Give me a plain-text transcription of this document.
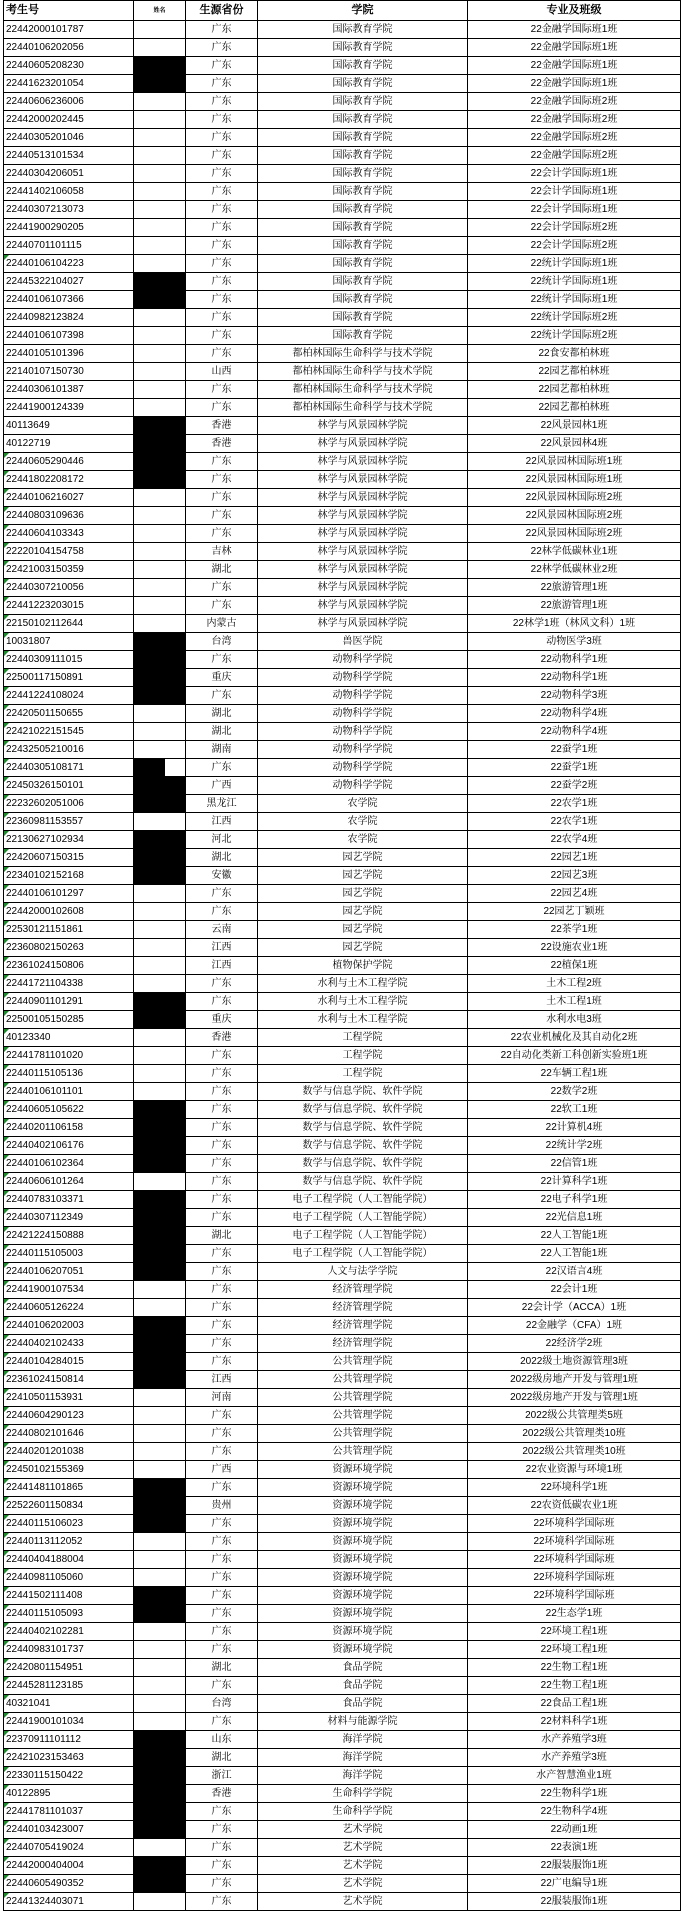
考生号	姓名	生源省份	学院	专业及班级
22442000101787		广东	国际教育学院	22金融学国际班1班
22440106202056		广东	国际教育学院	22金融学国际班1班
22440605208230		广东	国际教育学院	22金融学国际班1班
22441623201054		广东	国际教育学院	22金融学国际班1班
22440606236006		广东	国际教育学院	22金融学国际班2班
22442000202445		广东	国际教育学院	22金融学国际班2班
22440305201046		广东	国际教育学院	22金融学国际班2班
22440513101534		广东	国际教育学院	22金融学国际班2班
22440304206051		广东	国际教育学院	22会计学国际班1班
22441402106058		广东	国际教育学院	22会计学国际班1班
22440307213073		广东	国际教育学院	22会计学国际班1班
22441900290205		广东	国际教育学院	22会计学国际班2班
22440701101115		广东	国际教育学院	22会计学国际班2班
22440106104223		广东	国际教育学院	22统计学国际班1班
22445322104027		广东	国际教育学院	22统计学国际班1班
22440106107366		广东	国际教育学院	22统计学国际班1班
22440982123824		广东	国际教育学院	22统计学国际班2班
22440106107398		广东	国际教育学院	22统计学国际班2班
22440105101396		广东	都柏林国际生命科学与技术学院	22食安都柏林班
22140107150730		山西	都柏林国际生命科学与技术学院	22园艺都柏林班
22440306101387		广东	都柏林国际生命科学与技术学院	22园艺都柏林班
22441900124339		广东	都柏林国际生命科学与技术学院	22园艺都柏林班
40113649		香港	林学与风景园林学院	22风景园林1班
40122719		香港	林学与风景园林学院	22风景园林4班
22440605290446		广东	林学与风景园林学院	22风景园林国际班1班
22441802208172		广东	林学与风景园林学院	22风景园林国际班1班
22440106216027		广东	林学与风景园林学院	22风景园林国际班2班
22440803109636		广东	林学与风景园林学院	22风景园林国际班2班
22440604103343		广东	林学与风景园林学院	22风景园林国际班2班
22220104154758		吉林	林学与风景园林学院	22林学低碳林业1班
22421003150359		湖北	林学与风景园林学院	22林学低碳林业2班
22440307210056		广东	林学与风景园林学院	22旅游管理1班
22441223203015		广东	林学与风景园林学院	22旅游管理1班
22150102112644		内蒙古	林学与风景园林学院	22林学1班（林风文科）1班
10031807		台湾	兽医学院	动物医学3班
22440309111015		广东	动物科学学院	22动物科学1班
22500117150891		重庆	动物科学学院	22动物科学1班
22441224108024		广东	动物科学学院	22动物科学3班
22420501150655		湖北	动物科学学院	22动物科学4班
22421022151545		湖北	动物科学学院	22动物科学4班
22432505210016		湖南	动物科学学院	22蚕学1班
22440305108171		广东	动物科学学院	22蚕学1班
22450326150101		广西	动物科学学院	22蚕学2班
22232602051006		黑龙江	农学院	22农学1班
22360981153557		江西	农学院	22农学1班
22130627102934		河北	农学院	22农学4班
22420607150315		湖北	园艺学院	22园艺1班
22340102152168		安徽	园艺学院	22园艺3班
22440106101297		广东	园艺学院	22园艺4班
22442000102608		广东	园艺学院	22园艺丁颖班
22530121151861		云南	园艺学院	22茶学1班
22360802150263		江西	园艺学院	22设施农业1班
22361024150806		江西	植物保护学院	22植保1班
22441721104338		广东	水利与土木工程学院	土木工程2班
22440901101291		广东	水利与土木工程学院	土木工程1班
22500105150285		重庆	水利与土木工程学院	水利水电3班
40123340		香港	工程学院	22农业机械化及其自动化2班
22441781101020		广东	工程学院	22自动化类新工科创新实验班1班
22440115105136		广东	工程学院	22车辆工程1班
22440106101101		广东	数学与信息学院、软件学院	22数学2班
22440605105622		广东	数学与信息学院、软件学院	22软工1班
22440201106158		广东	数学与信息学院、软件学院	22计算机4班
22440402106176		广东	数学与信息学院、软件学院	22统计学2班
22440106102364		广东	数学与信息学院、软件学院	22信管1班
22440606101264		广东	数学与信息学院、软件学院	22计算科学1班
22440783103371		广东	电子工程学院（人工智能学院）	22电子科学1班
22440307112349		广东	电子工程学院（人工智能学院）	22光信息1班
22421224150888		湖北	电子工程学院（人工智能学院）	22人工智能1班
22440115105003		广东	电子工程学院（人工智能学院）	22人工智能1班
22440106207051		广东	人文与法学学院	22汉语言4班
22441900107534		广东	经济管理学院	22会计1班
22440605126224		广东	经济管理学院	22会计学（ACCA）1班
22440106202003		广东	经济管理学院	22金融学（CFA）1班
22440402102433		广东	经济管理学院	22经济学2班
22440104284015		广东	公共管理学院	2022级土地资源管理3班
22361024150814		江西	公共管理学院	2022级房地产开发与管理1班
22410501153931		河南	公共管理学院	2022级房地产开发与管理1班
22440604290123		广东	公共管理学院	2022级公共管理类5班
22440802101646		广东	公共管理学院	2022级公共管理类10班
22440201201038		广东	公共管理学院	2022级公共管理类10班
22450102155369		广西	资源环境学院	22农业资源与环境1班
22441481101865		广东	资源环境学院	22环境科学1班
22522601150834		贵州	资源环境学院	22农资低碳农业1班
22440115106023		广东	资源环境学院	22环境科学国际班
22440113112052		广东	资源环境学院	22环境科学国际班
22440404188004		广东	资源环境学院	22环境科学国际班
22440981105060		广东	资源环境学院	22环境科学国际班
22441502111408		广东	资源环境学院	22环境科学国际班
22440115105093		广东	资源环境学院	22生态学1班
22440402102281		广东	资源环境学院	22环境工程1班
22440983101737		广东	资源环境学院	22环境工程1班
22420801154951		湖北	食品学院	22生物工程1班
22445281123185		广东	食品学院	22生物工程1班
40321041		台湾	食品学院	22食品工程1班
22441900101034		广东	材料与能源学院	22材料科学1班
22370911101112		山东	海洋学院	水产养殖学3班
22421023153463		湖北	海洋学院	水产养殖学3班
22330115150422		浙江	海洋学院	水产智慧渔业1班
40122895		香港	生命科学学院	22生物科学1班
22441781101037		广东	生命科学学院	22生物科学4班
22440103423007		广东	艺术学院	22动画1班
22440705419024		广东	艺术学院	22表演1班
22442000404004		广东	艺术学院	22服装服饰1班
22440605490352		广东	艺术学院	22广电编导1班
22441324403071		广东	艺术学院	22服装服饰1班
